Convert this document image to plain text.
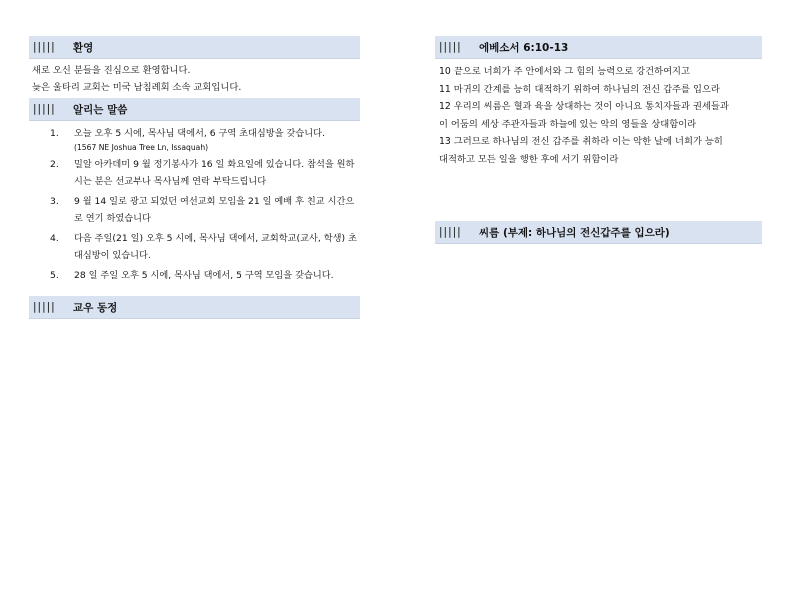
|||||	환영
새로 오신 분들을 진심으로 환영합니다.
늦은 울타리 교회는 미국 남침례회 소속 교회입니다.
|||||	알리는 말씀
1. 오늘 오후 5 시에, 목사님 댁에서, 6 구역 초대심방을 갖습니다.
(1567 NE Joshua Tree Ln, Issaquah)
2. 밀알 아카데미 9 월 정기봉사가 16 일 화요일에 있습니다. 참석을 원하시는 분은 선교부나 목사님께 연락 부탁드립니다
3. 9 월 14 일로 광고 되었던 여선교회 모임을 21 일 예배 후 친교 시간으로 연기 하였습니다
4. 다음 주일(21 일) 오후 5 시에, 목사님 댁에서, 교회학교(교사, 학생) 초대심방이 있습니다.
5. 28 일 주일 오후 5 시에, 목사님 댁에서, 5 구역 모임을 갖습니다.
|||||	교우 동정
|||||	에베소서 6:10-13
10 끝으로 너희가 주 안에서와 그 힘의 능력으로 강건하여지고
11 마귀의 간계를 능히 대적하기 위하여 하나님의 전신 갑주를 입으라
12 우리의 씨름은 혈과 육을 상대하는 것이 아니요 통치자들과 권세들과
이 어둠의 세상 주관자들과 하늘에 있는 악의 영들을 상대함이라
13 그러므로 하나님의 전신 갑주를 취하라 이는 악한 날에 너희가 능히
대적하고 모든 일을 행한 후에 서기 위함이라
|||||	씨름 (부제: 하나님의 전신갑주를 입으라)
